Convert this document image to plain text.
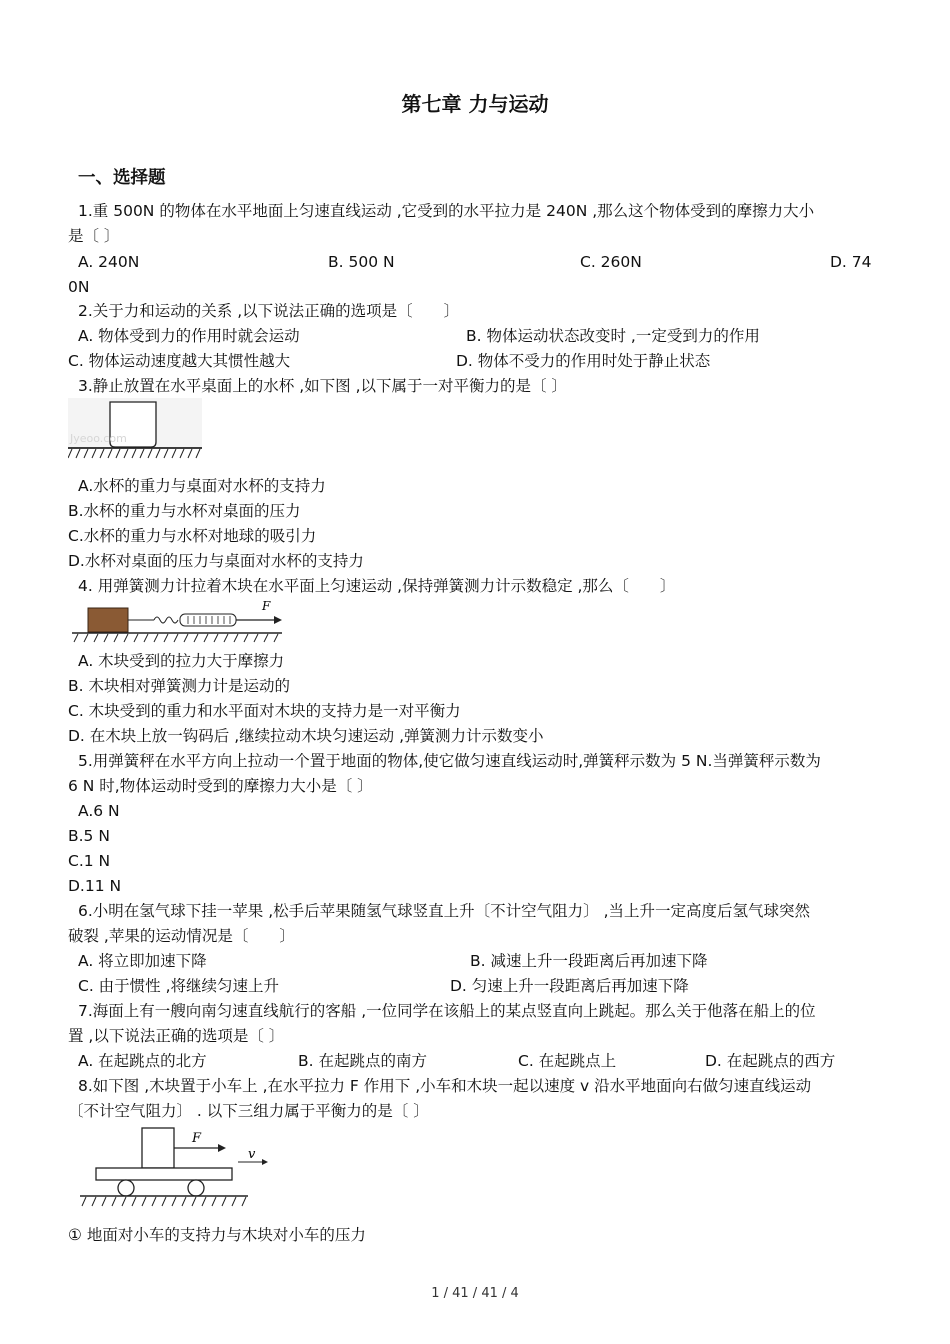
第七章 力与运动
一、选择题
1.重 500N 的物体在水平地面上匀速直线运动 ,它受到的水平拉力是 240N ,那么这个物体受到的摩擦力大小
是〔 〕
A. 240N	B. 500 N	C. 260N	D. 74
0N
2.关于力和运动的关系 ,以下说法正确的选项是〔　　〕
A. 物体受到力的作用时就会运动	B. 物体运动状态改变时 ,一定受到力的作用
C. 物体运动速度越大其惯性越大	D. 物体不受力的作用时处于静止状态
3.静止放置在水平桌面上的水杯 ,如下图 ,以下属于一对平衡力的是〔 〕
Jyeoo.com
A.水杯的重力与桌面对水杯的支持力
B.水杯的重力与水杯对桌面的压力
C.水杯的重力与水杯对地球的吸引力
D.水杯对桌面的压力与桌面对水杯的支持力
4. 用弹簧测力计拉着木块在水平面上匀速运动 ,保持弹簧测力计示数稳定 ,那么〔　　〕
F
A. 木块受到的拉力大于摩擦力
B. 木块相对弹簧测力计是运动的
C. 木块受到的重力和水平面对木块的支持力是一对平衡力
D. 在木块上放一钩码后 ,继续拉动木块匀速运动 ,弹簧测力计示数变小
5.用弹簧秤在水平方向上拉动一个置于地面的物体,使它做匀速直线运动时,弹簧秤示数为 5 N.当弹簧秤示数为
6 N 时,物体运动时受到的摩擦力大小是〔 〕
A.6 N
B.5 N
C.1 N
D.11 N
6.小明在氢气球下挂一苹果 ,松手后苹果随氢气球竖直上升〔不计空气阻力〕 ,当上升一定高度后氢气球突然
破裂 ,苹果的运动情况是〔　　〕
A. 将立即加速下降	B. 减速上升一段距离后再加速下降
C. 由于惯性 ,将继续匀速上升	D. 匀速上升一段距离后再加速下降
7.海面上有一艘向南匀速直线航行的客船 ,一位同学在该船上的某点竖直向上跳起。那么关于他落在船上的位
置 ,以下说法正确的选项是〔 〕
A. 在起跳点的北方	B. 在起跳点的南方	C. 在起跳点上	D. 在起跳点的西方
8.如下图 ,木块置于小车上 ,在水平拉力 F 作用下 ,小车和木块一起以速度 v 沿水平地面向右做匀速直线运动
〔不计空气阻力〕 . 以下三组力属于平衡力的是〔 〕
F
v
① 地面对小车的支持力与木块对小车的压力
1 / 41 / 41 / 4
